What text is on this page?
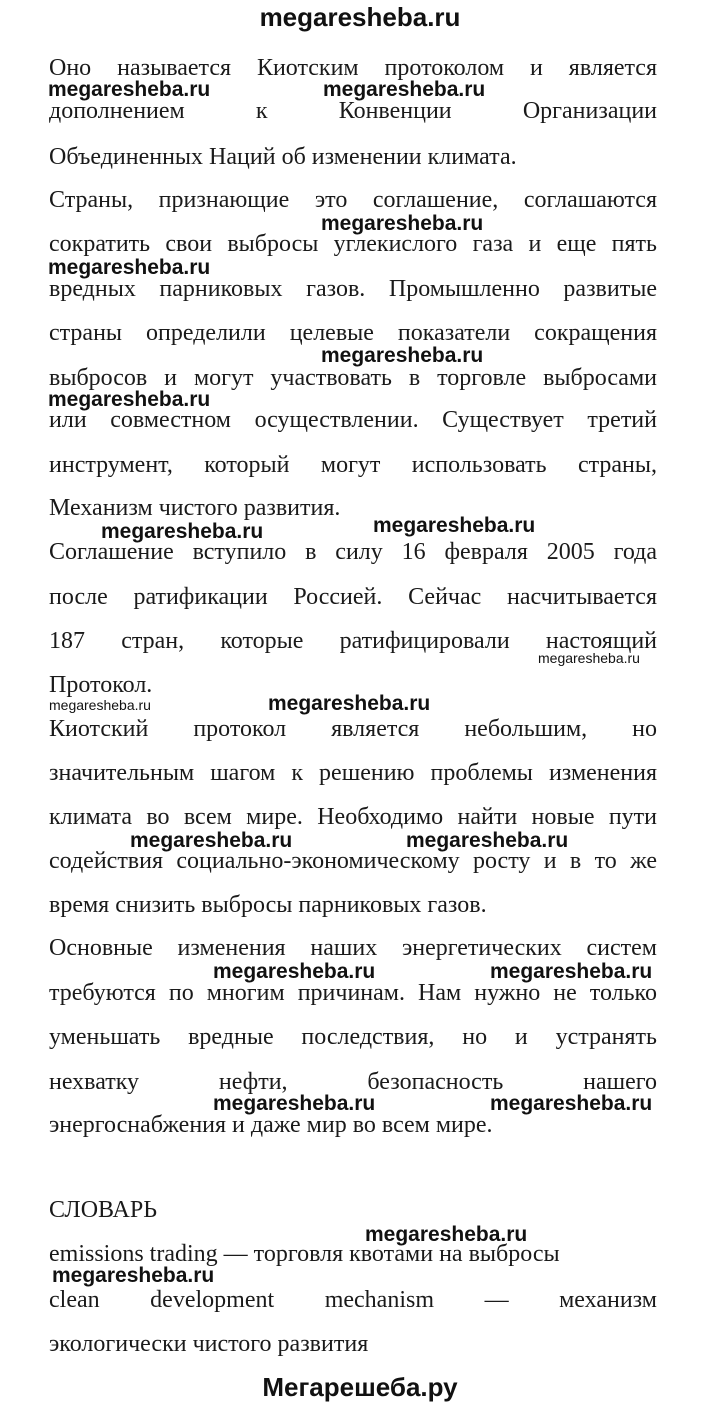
megaresheba.ru
Оно называется Киотским протоколом и является
дополнением к Конвенции Организации
Объединенных Наций об изменении климата.
Страны, признающие это соглашение, соглашаются
сократить свои выбросы углекислого газа и еще пять
вредных парниковых газов. Промышленно развитые
страны определили целевые показатели сокращения
выбросов и могут участвовать в торговле выбросами
или совместном осуществлении. Существует третий
инструмент, который могут использовать страны,
Механизм чистого развития.
Соглашение вступило в силу 16 февраля 2005 года
после ратификации Россией. Сейчас насчитывается
187 стран, которые ратифицировали настоящий
Протокол.
Киотский протокол является небольшим, но
значительным шагом к решению проблемы изменения
климата во всем мире. Необходимо найти новые пути
содействия социально-экономическому росту и в то же
время снизить выбросы парниковых газов.
Основные изменения наших энергетических систем
требуются по многим причинам. Нам нужно не только
уменьшать вредные последствия, но и устранять
нехватку нефти, безопасность нашего
энергоснабжения и даже мир во всем мире.
СЛОВАРЬ
emissions trading — торговля квотами на выбросы
clean development mechanism — механизм
экологически чистого развития
megaresheba.ru	megaresheba.ru
megaresheba.ru
megaresheba.ru
megaresheba.ru
megaresheba.ru
megaresheba.ru	megaresheba.ru
megaresheba.ru
megaresheba.ru	megaresheba.ru
megaresheba.ru	megaresheba.ru
megaresheba.ru	megaresheba.ru
megaresheba.ru	megaresheba.ru
megaresheba.ru
megaresheba.ru
Мегарешеба.ру
